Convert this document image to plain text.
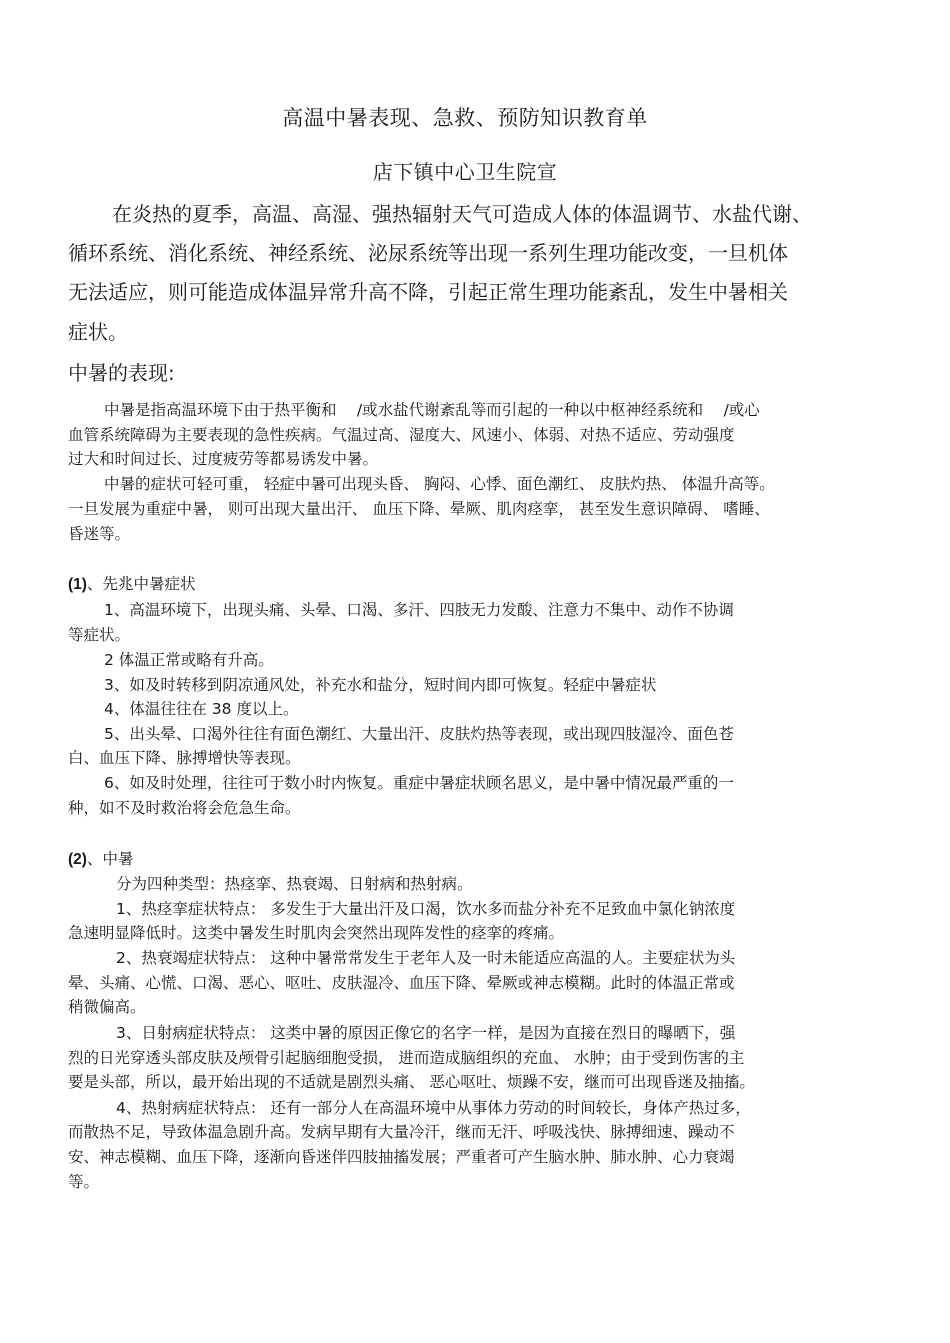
高温中暑表现、急救、预防知识教育单
店下镇中心卫生院宣
在炎热的夏季，高温、高湿、强热辐射天气可造成人体的体温调节、水盐代谢、
循环系统、消化系统、神经系统、泌尿系统等出现一系列生理功能改变，一旦机体
无法适应，则可能造成体温异常升高不降，引起正常生理功能紊乱，发生中暑相关
症状。
中暑的表现:
中暑是指高温环境下由于热平衡和　 /或水盐代谢紊乱等而引起的一种以中枢神经系统和　 /或心
血管系统障碍为主要表现的急性疾病。气温过高、湿度大、风速小、体弱、对热不适应、劳动强度
过大和时间过长、过度疲劳等都易诱发中暑。
中暑的症状可轻可重， 轻症中暑可出现头昏、 胸闷、心悸、面色潮红、 皮肤灼热、 体温升高等。
一旦发展为重症中暑， 则可出现大量出汗、 血压下降、晕厥、肌肉痉挛， 甚至发生意识障碍、 嗜睡、
昏迷等。
(1)、先兆中暑症状
1、高温环境下，出现头痛、头晕、口渴、多汗、四肢无力发酸、注意力不集中、动作不协调
等症状。
2 体温正常或略有升高。
3、如及时转移到阴凉通风处，补充水和盐分，短时间内即可恢复。轻症中暑症状
4、体温往往在 38 度以上。
5、出头晕、口渴外往往有面色潮红、大量出汗、皮肤灼热等表现，或出现四肢湿冷、面色苍
白、血压下降、脉搏增快等表现。
6、如及时处理，往往可于数小时内恢复。重症中暑症状顾名思义，是中暑中情况最严重的一
种，如不及时救治将会危急生命。
(2)、中暑
分为四种类型：热痉挛、热衰竭、日射病和热射病。
1、热痉挛症状特点： 多发生于大量出汗及口渴，饮水多而盐分补充不足致血中氯化钠浓度
急速明显降低时。这类中暑发生时肌肉会突然出现阵发性的痉挛的疼痛。
2、热衰竭症状特点： 这种中暑常常发生于老年人及一时未能适应高温的人。主要症状为头
晕、头痛、心慌、口渴、恶心、呕吐、皮肤湿冷、血压下降、晕厥或神志模糊。此时的体温正常或
稍微偏高。
3、日射病症状特点： 这类中暑的原因正像它的名字一样，是因为直接在烈日的曝晒下，强
烈的日光穿透头部皮肤及颅骨引起脑细胞受损， 进而造成脑组织的充血、 水肿；由于受到伤害的主
要是头部，所以，最开始出现的不适就是剧烈头痛、 恶心呕吐、烦躁不安，继而可出现昏迷及抽搐。
4、热射病症状特点： 还有一部分人在高温环境中从事体力劳动的时间较长，身体产热过多，
而散热不足，导致体温急剧升高。发病早期有大量冷汗，继而无汗、呼吸浅快、脉搏细速、躁动不
安、神志模糊、血压下降，逐渐向昏迷伴四肢抽搐发展；严重者可产生脑水肿、肺水肿、心力衰竭
等。
